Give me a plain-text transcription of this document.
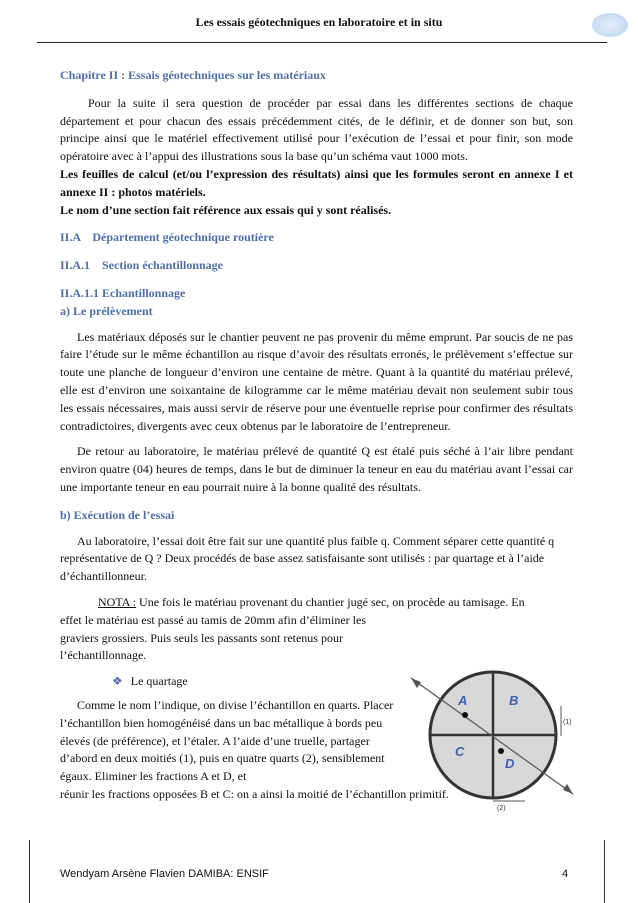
Les essais géotechniques en laboratoire et in situ

Chapitre II : Essais géotechniques sur les matériaux

Pour la suite il sera question de procéder par essai dans les différentes sections de chaque département et pour chacun des essais précédemment cités, de le définir, et de donner son but, son principe ainsi que le matériel effectivement utilisé pour l’exécution de l’essai et pour finir, son mode opératoire avec à l’appui des illustrations sous la base qu’un schéma vaut 1000 mots.

Les feuilles de calcul (et/ou l’expression des résultats) ainsi que les formules seront en annexe I et annexe II : photos matériels.

Le nom d’une section fait référence aux essais qui y sont réalisés.

II.A    Département géotechnique routière

II.A.1    Section échantillonnage

II.A.1.1 Echantillonnage

a) Le prélèvement

Les matériaux déposés sur le chantier peuvent ne pas provenir du même emprunt. Par soucis de ne pas faire l’étude sur le même échantillon au risque d’avoir des résultats erronés, le prélèvement s’effectue sur toute une planche de longueur d’environ une centaine de mètre. Quant à la quantité du matériau prélevé, elle est d’environ une soixantaine de kilogramme car le même matériau devait non seulement subir tous les essais nécessaires, mais aussi servir de réserve pour une éventuelle reprise pour confirmer des résultats contradictoires, divergents avec ceux obtenus par le laboratoire de l’entrepreneur.

De retour au laboratoire, le matériau prélevé de quantité Q est étalé puis séché à l’air libre pendant environ quatre (04) heures de temps, dans le but de diminuer la teneur en eau du matériau avant l’essai car une importante teneur en eau pourrait nuire à la bonne qualité des résultats.

b) Exécution de l’essai

Au laboratoire, l’essai doit être fait sur une quantité plus faible q. Comment séparer cette quantité q représentative de Q ? Deux procédés de base assez satisfaisante sont utilisés : par quartage et à l’aide d’échantillonneur.

NOTA : Une fois le matériau provenant du chantier jugé sec, on procède au tamisage. En

effet le matériau est passé au tamis de 20mm afin d’éliminer les graviers grossiers. Puis seuls les passants sont retenus pour l’échantillonnage.

❖ Le quartage

Comme le nom l’indique, on divise l’échantillon en quarts. Placer l’échantillon bien homogénéisé dans un bac métallique à bords peu élevés (de préférence), et l’étaler. A l’aide d’une truelle, partager d’abord en deux moitiés (1), puis en quatre quarts (2), sensiblement égaux. Eliminer les fractions A et D, et

réunir les fractions opposées B et C: on a ainsi la moitié de l’échantillon primitif.

A	B
C
D
(1)
(2)
Wendyam Arsène Flavien DAMIBA: ENSIF	4
